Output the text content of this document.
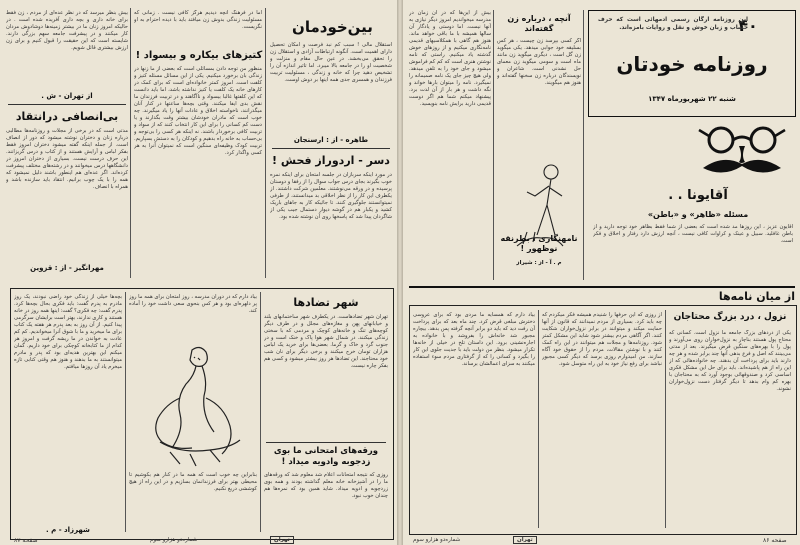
بین‌خودمان

استقلال مالی ! سبب کم نبد فرصت و امکان تحصیل دارای اهمیت است. آنگونه ارتباطات آزادی و استقلال زن را تحقق می‌بخشد. در عین حال مقام و منزلت و شخصیت او را در جامعه بالا میبرد. اما تاثیر اندازه آن را تشخیص دهید چرا که خانه و زندگی ، مسئولیت تربیت فرزندان و همسری جدی همه اینها بر دوش اوست.

طاهره - از : ارسنجان
دسر - اردوراز فحش !

در مورد اینکه سربازان در جلسه امتحان برای اینکه نمره خوب بگیرند بجای درس جواب سوال را از رفقا و دوستان پرسیده و در ورقه می‌نوشتند. معلمین شرکت داشتند. از یکطرف این کار را از نظر اخلاقی بد میدانستند، از طرفی نمیتوانستند جلوگیری کنند. تا جائیکه کار به جاهای باریک کشید و یکبار هم در گوشه دیوار دستمال جیب یکی از شاگردان پیدا شد که پاسخها روی آن نوشته شده بود.

کتیزهای بیکاره و بیسواد !

اما در فرهنگ آنچه دیدیم هرگز کافی نیست . زمانی که مسئولیت زندگی بدوش زن میافتد باید با دیده احترام به او نگریست.

منظور من توجه دادن بمسائلی است که بعضی از ما زنها در زندگی بان برخورد میکنیم. یکی از این مسائل مسئله کنیز و کلفت است. امروز کمتر خانواده‌ای است که برای کمک در کارهای خانه یک کلفت یا کنیز نداشته باشد، اما باید دانست که این کلفتها غالبا بیسواد و ناآگاهند و در تربیت فرزندان ما نقش بدی ایفا میکنند. وقتی بچه‌ها ساعتها در کنار آنان میگذرانند، ناخواسته اخلاق و عادات آنها را یاد میگیرند. چه خوب است که مادران خودشان بیشتر وقت بگذارند و یا دست کم کسانی را برای این کار انتخاب کنند که از سواد و تربیت کافی برخوردار باشند. نه اینکه هر کسی را بی‌توجه و بی‌حساب به خانه راه بدهیم و کودکان را به دستش بسپاریم. تربیت کودک وظیفه‌ای سنگین است که نمیتوان آنرا به هر کسی واگذار کرد.

بیش بنظر میرسد که در نظر عده‌ای از مردم ، زن فقط برای خانه داری و بچه داری آفریده شده است . در حالیکه امروز زنان ما در بیشتر زمینه‌ها دوشادوش مردان کار میکنند و در پیشرفت جامعه سهم بزرگی دارند. شایسته است که این حقیقت را قبول کنیم و برای زن ارزش بیشتری قائل شویم.

از تهران - ش .
بی‌انصافی درانتقاد

مدتی است که در برخی از مجلات و روزنامه‌ها مطالبی درباره زنان و دختران نوشته میشود که دور از انصاف است. از جمله اینکه گفته میشود دختران امروز فقط بفکر لباس و آرایش هستند و از کتاب و درس گریزانند. این حرف درست نیست. بسیاری از دختران امروز در دانشگاهها درس میخوانند و در رشته‌های مختلف پیشرفت کرده‌اند. اگر عده‌ای هم اینطور باشند دلیل نمیشود که همه را با یک چوب برانیم. انتقاد باید سازنده باشد و همراه با انصاف.

مهرانگیز - از : قزوین

بچه‌ها خیلی از زندگی خود راضی نبودند، یک روز مادرم به پدرم گفت: باید فکری بحال بچه‌ها کرد. پدرم گفت: چه فکری؟ گفت: اینها همه روز در خانه هستند و کاری ندارند، بهتر است برایشان سرگرمی پیدا کنیم. از آن روز به بعد پدرم هر هفته یک کتاب برای ما میخرید و ما با شوق آنرا میخواندیم. کم کم عادت به خواندن در ما ریشه گرفت و امروز هر کدام از ما کتابخانه کوچکی برای خود داریم. گمان میکنم این بهترین هدیه‌ای بود که پدر و مادرم میتوانستند به ما بدهند و هنوز هم وقتی کتابی تازه میخرم یاد آن روزها میافتم.

شهرزاد - م .

بیاد دارم که در دوران مدرسه ، روز امتحان برای همه ما روز پر دلهره‌ای بود و هر کس بنحوی سعی داشت خود را آماده کند.

بنابراین چه خوب است که همه ما در کنار هم بکوشیم تا محیطی بهتر برای فرزندانمان بسازیم و در این راه از هیچ کوششی دریغ نکنیم.

شهر تضادها

تهران شهر تضادهاست. در یکطرف شهر ساختمانهای بلند و خیابانهای پهن و مغازه‌های مجلل و در طرف دیگر کوچه‌های تنگ و خانه‌های کوچک و مردمی که با سختی زندگی میکنند. در شمال شهر هوا پاک و خنک است و در جنوب گرد و خاک و گرما. بعضی‌ها برای خرید یک لباس هزاران تومان خرج میکنند و برخی دیگر برای نان شب خود محتاجند. این تضادها هر روز بیشتر میشود و کسی هم بفکر چاره نیست.

ورقه‌های امتحانی ما بوی زدجوبه وادویه میداد !

روزی که نتیجه امتحانات اعلام شد معلوم شد که ورقه‌های ما را در آشپزخانه خانه معلم گذاشته بودند و همه بوی زردچوبه و ادویه میداد. شاید همین بود که نمره‌ها هم چندان خوب نبود.

صفحه ۸۷	شماره‌دو هزارو سوم	تهران
۴۰
این روزنامه ارگان رسمی ادمهائی است که حرف حساب و زبان خوش و نقل و روایات بامزه‌اند.
روزنامه خودتان
شنبه ۲۲ شهریورماه ۱۳۴۷
آقایونا . .
مسئله «ظاهر» و «باطن»

آقایون عزیز ، این روزها مد شده است که بعضی از شما فقط بظاهر خود توجه دارید و از باطن غافلید. سبیل و عینک و کراوات کافی نیست ، آنچه ارزش دارد رفتار و اخلاق و فکر است.

آنچه ، درباره زن گفته‌اند

اگر کسی بپرسد زن چیست ، هر کس بسلیقه خود جوابی میدهد. یکی میگوید زن گل است ، دیگری میگوید زن مانند ماه است و سومی میگوید زن معمای حل نشدنی است. شاعران و نویسندگان درباره زن سخنها گفته‌اند و هنوز هم میگویند.

نامهنگاری ، بطرنقه نوظهور !
م . آ - از : شیراز

بیش از این‌ها که در آن زمان در مدرسه میخواندیم امروز دیگر نیازی به آنها نیست. اما دوستی و یادگار آن سالها همیشه با ما باقی خواهد ماند. هنوز هم گاهی با همکلاسیهای قدیمی نامه‌نگاری میکنیم و از روزهای خوش گذشته یاد میکنیم. راستی که نامه نوشتن هنری است که کم کم فراموش میشود و جای خود را به تلفن میدهد. ولی هیچ چیز جای یک نامه صمیمانه را نمیگیرد. نامه را میتوان بارها خواند و نگه داشت و هر بار از آن لذت برد. پیشنهاد میکنم شما هم اگر دوست قدیمی دارید برایش نامه بنویسید.

از میان نامه‌ها
نزول ، درد بزرگ محتاجان

یکی از دردهای بزرگ جامعه ما نزول است. کسانی که محتاج پول هستند بناچار به نزول‌خواران روی می‌آورند و پول را با بهره‌های سنگین قرض میگیرند. بعد از مدتی می‌بینند که اصل و فرع بدهی آنها چند برابر شده و هر چه دارند باید برای پرداخت آن بدهند. چه خانواده‌هائی که از این راه از هم پاشیده‌اند. باید برای حل این مشکل فکری اساسی کرد و صندوقهائی بوجود آورد که به محتاجان با بهره کم وام بدهد تا دیگر گرفتار دست نزول‌خواران نشوند.

از روزی که این حرفها را شنیدم همیشه فکر میکردم که چه باید کرد. بسیاری از مردم نمیدانند که قانون از آنها حمایت میکند و میتوانند در برابر نزول‌خواران شکایت کنند. اگر آگاهی مردم بیشتر شود شاید این مشکل کمتر شود. روزنامه‌ها و مجلات هم میتوانند در این راه کمک کنند و با نوشتن مقالات، مردم را از حقوق خود آگاه سازند. من امیدوارم روزی برسد که دیگر کسی مجبور نباشد برای رفع نیاز خود به این راه متوسل شود.

بیاد دارم که همسایه ما مردی بود که برای عروسی دخترش مبلغی قرض کرد. چند ماه بعد که برای پرداخت آن رفت دید که باید دو برابر آنچه گرفته پس بدهد. بیچاره مجبور شد خانه‌اش را بفروشد و با خانواده به اجاره‌نشینی برود. این داستان تلخ در خیلی از خانه‌ها تکرار میشود. بنظر من دولت باید با جدیت جلوی این کار را بگیرد و کسانی را که از گرفتاری مردم سوء استفاده میکنند به سزای اعمالشان برساند.

صفحه ۸۶
تهران
شماره‌دو هزارو سوم
